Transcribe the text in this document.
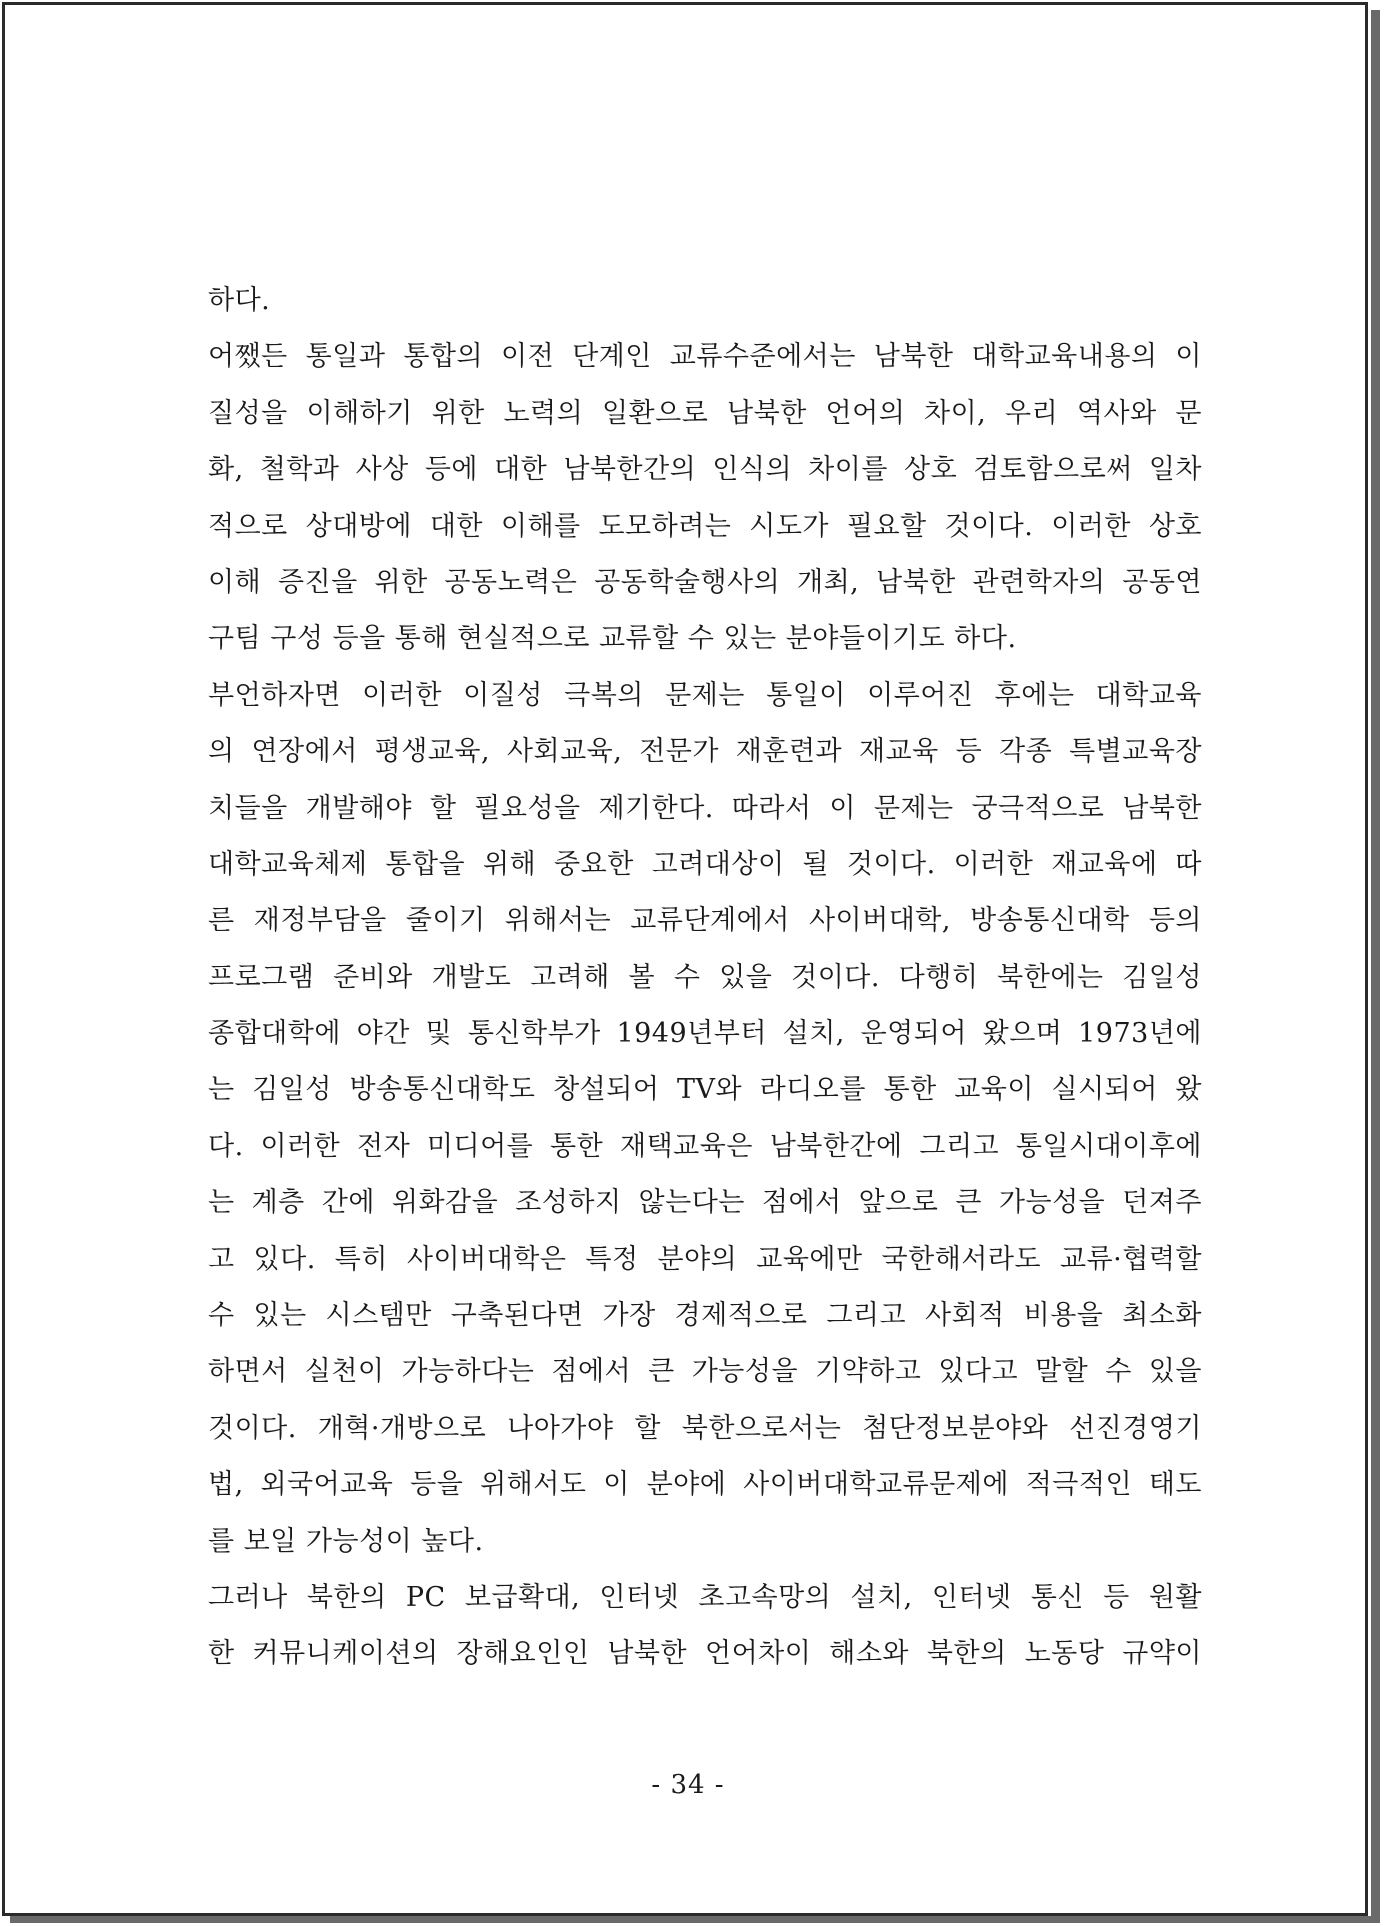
하다.
어쨌든 통일과 통합의 이전 단계인 교류수준에서는 남북한 대학교육내용의 이
질성을 이해하기 위한 노력의 일환으로 남북한 언어의 차이, 우리 역사와 문
화, 철학과 사상 등에 대한 남북한간의 인식의 차이를 상호 검토함으로써 일차
적으로 상대방에 대한 이해를 도모하려는 시도가 필요할 것이다. 이러한 상호
이해 증진을 위한 공동노력은 공동학술행사의 개최, 남북한 관련학자의 공동연
구팀 구성 등을 통해 현실적으로 교류할 수 있는 분야들이기도 하다.
부언하자면 이러한 이질성 극복의 문제는 통일이 이루어진 후에는 대학교육
의 연장에서 평생교육, 사회교육, 전문가 재훈련과 재교육 등 각종 특별교육장
치들을 개발해야 할 필요성을 제기한다. 따라서 이 문제는 궁극적으로 남북한
대학교육체제 통합을 위해 중요한 고려대상이 될 것이다. 이러한 재교육에 따
른 재정부담을 줄이기 위해서는 교류단계에서 사이버대학, 방송통신대학 등의
프로그램 준비와 개발도 고려해 볼 수 있을 것이다. 다행히 북한에는 김일성
종합대학에 야간 및 통신학부가 1949년부터 설치, 운영되어 왔으며 1973년에
는 김일성 방송통신대학도 창설되어 TV와 라디오를 통한 교육이 실시되어 왔
다. 이러한 전자 미디어를 통한 재택교육은 남북한간에 그리고 통일시대이후에
는 계층 간에 위화감을 조성하지 않는다는 점에서 앞으로 큰 가능성을 던져주
고 있다. 특히 사이버대학은 특정 분야의 교육에만 국한해서라도 교류·협력할
수 있는 시스템만 구축된다면 가장 경제적으로 그리고 사회적 비용을 최소화
하면서 실천이 가능하다는 점에서 큰 가능성을 기약하고 있다고 말할 수 있을
것이다. 개혁·개방으로 나아가야 할 북한으로서는 첨단정보분야와 선진경영기
법, 외국어교육 등을 위해서도 이 분야에 사이버대학교류문제에 적극적인 태도
를 보일 가능성이 높다.
그러나 북한의 PC 보급확대, 인터넷 초고속망의 설치, 인터넷 통신 등 원활
한 커뮤니케이션의 장해요인인 남북한 언어차이 해소와 북한의 노동당 규약이
- 34 -
